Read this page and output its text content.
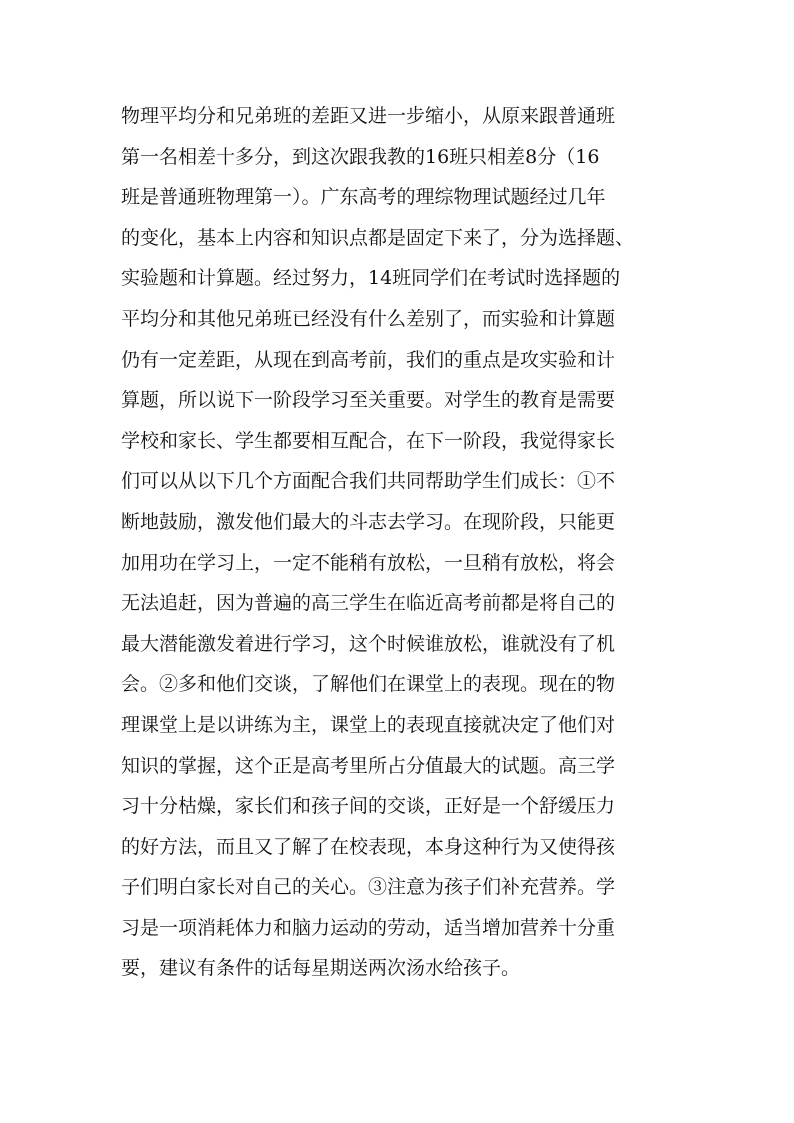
物理平均分和兄弟班的差距又进一步缩小，从原来跟普通班
第一名相差十多分，到这次跟我教的16班只相差8分（16
班是普通班物理第一）。广东高考的理综物理试题经过几年
的变化，基本上内容和知识点都是固定下来了，分为选择题、
实验题和计算题。经过努力，14班同学们在考试时选择题的
平均分和其他兄弟班已经没有什么差别了，而实验和计算题
仍有一定差距，从现在到高考前，我们的重点是攻实验和计
算题，所以说下一阶段学习至关重要。对学生的教育是需要
学校和家长、学生都要相互配合，在下一阶段，我觉得家长
们可以从以下几个方面配合我们共同帮助学生们成长：①不
断地鼓励，激发他们最大的斗志去学习。在现阶段，只能更
加用功在学习上，一定不能稍有放松，一旦稍有放松，将会
无法追赶，因为普遍的高三学生在临近高考前都是将自己的
最大潜能激发着进行学习，这个时候谁放松，谁就没有了机
会。②多和他们交谈，了解他们在课堂上的表现。现在的物
理课堂上是以讲练为主，课堂上的表现直接就决定了他们对
知识的掌握，这个正是高考里所占分值最大的试题。高三学
习十分枯燥，家长们和孩子间的交谈，正好是一个舒缓压力
的好方法，而且又了解了在校表现，本身这种行为又使得孩
子们明白家长对自己的关心。③注意为孩子们补充营养。学
习是一项消耗体力和脑力运动的劳动，适当增加营养十分重
要，建议有条件的话每星期送两次汤水给孩子。
